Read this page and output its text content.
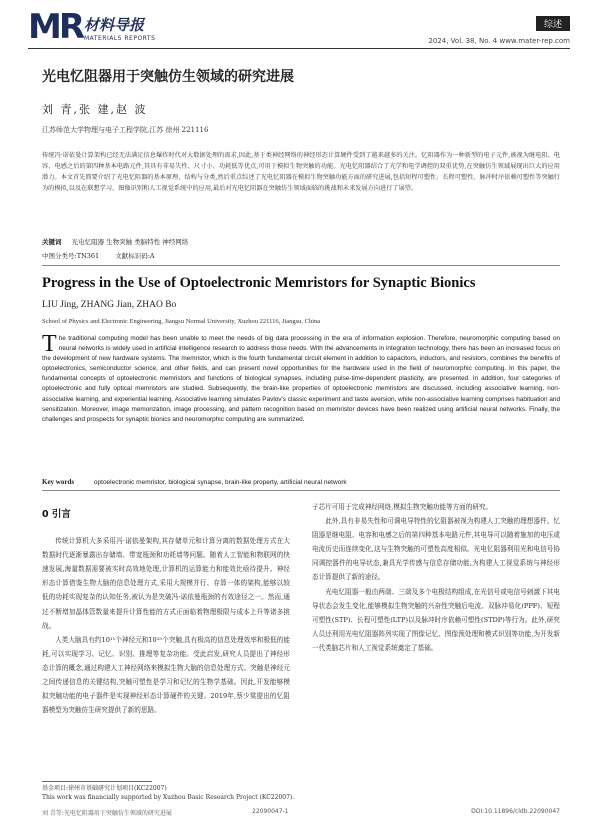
MR 材料导报
MATERIALS REPORTS
综述
2024, Vol. 38, No. 4 www.mater-rep.com
光电忆阻器用于突触仿生领域的研究进展
刘 青,张 建,赵 波
江苏师范大学物理与电子工程学院,江苏 徐州 221116
传统冯·诺依曼计算架构已经无法满足信息爆炸时代对大数据处理的需求,因此,基于类神经网络的神经形态计算硬件受到了越来越多的关注。忆阻器作为一种新型的电子元件,被视为继电阻、电容、电感之后的第四种基本电路元件,其具有非易失性、尺寸小、功耗低等优点,可用于模拟生物突触的功能。光电忆阻器结合了光学和电学调控的双重优势,在突触仿生领域展现出巨大的应用潜力。本文首先简要介绍了光电忆阻器的基本原理、结构与分类,然后重点综述了光电忆阻器在模拟生物突触功能方面的研究进展,包括短程可塑性、长程可塑性、脉冲时序依赖可塑性等突触行为的模拟,以及在联想学习、图像识别和人工视觉系统中的应用,最后对光电忆阻器在突触仿生领域面临的挑战和未来发展方向进行了展望。
关键词 光电忆阻器 生物突触 类脑特性 神经网络
中图分类号:TN361 文献标识码:A
Progress in the Use of Optoelectronic Memristors for Synaptic Bionics
LIU Jing, ZHANG Jian, ZHAO Bo
School of Physics and Electronic Engineering, Jiangsu Normal University, Xuzhou 221116, Jiangsu, China
The traditional computing model has been unable to meet the needs of big data processing in the era of information explosion. Therefore, neuromorphic computing based on neural networks is widely used in artificial intelligence research to address those needs. With the advancements in integration technology, there has been an increased focus on the development of new hardware systems. The memristor, which is the fourth fundamental circuit element in addition to capacitors, inductors, and resistors, combines the benefits of optoelectronics, semiconductor science, and other fields, and can present novel opportunities for the hardware used in the field of neuromorphic computing. In this paper, the fundamental concepts of optoelectronic memristors and functions of biological synapses, including pulse-time-dependent plasticity, are presented. In addition, four categories of optoelectronic and fully optical memristors are studied. Subsequently, the brain-like properties of optoelectronic memristors are discussed, including associative learning, non-associative learning, and experiential learning. Associative learning simulates Pavlov's classic experiment and taste aversion, while non-associative learning comprises habituation and sensitization. Moreover, image memorization, image processing, and pattern recognition based on memristor devices have been realized using artificial neural networks. Finally, the challenges and prospects for synaptic bionics and neuromorphic computing are summarized.
Key words	optoelectronic memristor, biological synapse, brain-like property, artificial neural network
0 引言

传统计算机大多采用冯·诺依曼架构,其存储单元和计算分离的数据处理方式在大数据时代逐渐暴露出存储墙、带宽瓶颈和功耗墙等问题。随着人工智能和物联网的快速发展,海量数据需要被实时高效地处理,计算机的运算能力和能效比亟待提升。神经形态计算借鉴生物大脑的信息处理方式,采用大规模并行、存算一体的架构,能够以较低的功耗实现复杂的认知任务,被认为是突破冯·诺依曼瓶颈的有效途径之一。然而,通过不断增加晶体管数量来提升计算性能的方式正面临着物理极限与成本上升等诸多挑战。

人类大脑具有约10¹¹个神经元和10¹⁵个突触,具有极高的信息处理效率和极低的能耗,可以实现学习、记忆、识别、推理等复杂功能。受此启发,研究人员提出了神经形态计算的概念,通过构建人工神经网络来模拟生物大脑的信息处理方式。突触是神经元之间传递信息的关键结构,突触可塑性是学习和记忆的生物学基础。因此,开发能够模拟突触功能的电子器件是实现神经形态计算硬件的关键。2019年,蔡少棠提出的忆阻器模型为突触仿生研究提供了新的思路。

子芯片可用于完成神经网络,模拟生物突触功能等方面的研究。

此外,具有非易失性和可调电导特性的忆阻器被视为构建人工突触的理想器件。忆阻器是继电阻、电容和电感之后的第四种基本电路元件,其电导可以随着施加的电压或电流历史而连续变化,这与生物突触的可塑性高度相似。光电忆阻器利用光和电信号协同调控器件的电导状态,兼具光学传感与信息存储功能,为构建人工视觉系统与神经形态计算提供了新的途径。

光电忆阻器一般由两端、三端及多个电极结构组成,在光信号或电信号刺激下其电导状态会发生变化,能够模拟生物突触的兴奋性突触后电流、双脉冲易化(PPF)、短程可塑性(STP)、长程可塑性(LTP)以及脉冲时序依赖可塑性(STDP)等行为。此外,研究人员还利用光电忆阻器阵列实现了图像记忆、图像预处理和模式识别等功能,为开发新一代类脑芯片和人工视觉系统奠定了基础。

基金项目:徐州市基础研究计划项目(KC22007)
This work was financially supported by Xuzhou Basic Research Project (KC22007).
刘 青等:光电忆阻器用于突触仿生领域的研究进展	22090047-1	DOI:10.11896/cldb.22090047
